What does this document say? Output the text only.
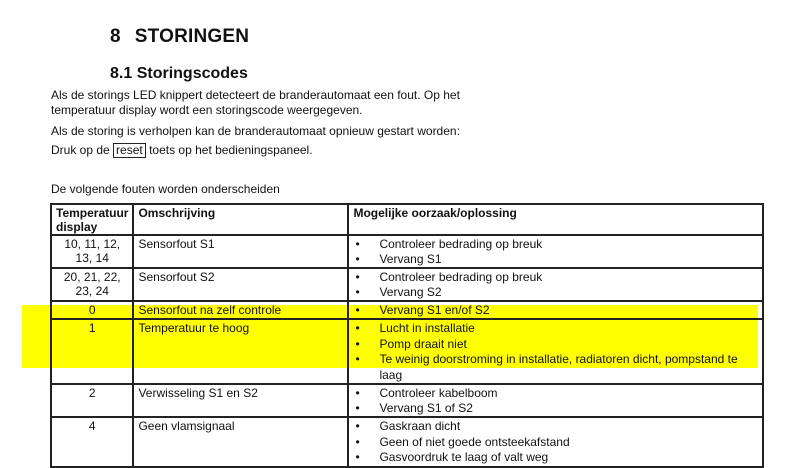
8 STORINGEN
8.1 Storingscodes
Als de storings LED knippert detecteert de branderautomaat een fout. Op het temperatuur display wordt een storingscode weergegeven.
Als de storing is verholpen kan de branderautomaat opnieuw gestart worden:
Druk op de reset toets op het bedieningspaneel.
De volgende fouten worden onderscheiden
Temperatuur display	Omschrijving	Mogelijke oorzaak/oplossing
10, 11, 12, 13, 14	Sensorfout S1	
•Controleer bedrading op breuk
• Vervang S1

20, 21, 22, 23, 24	Sensorfout S2	
•Controleer bedrading op breuk
• Vervang S2

0	Sensorfout na zelf controle	
•Vervang S1 en/of S2

1	Temperatuur te hoog	
•Lucht in installatie
• Pomp draait niet
• Te weinig doorstroming in installatie, radiatoren dicht, pompstand te laag

2	Verwisseling S1 en S2	
•Controleer kabelboom
• Vervang S1 of S2

4	Geen vlamsignaal	
•Gaskraan dicht
• Geen of niet goede ontsteekafstand
• Gasvoordruk te laag of valt weg
